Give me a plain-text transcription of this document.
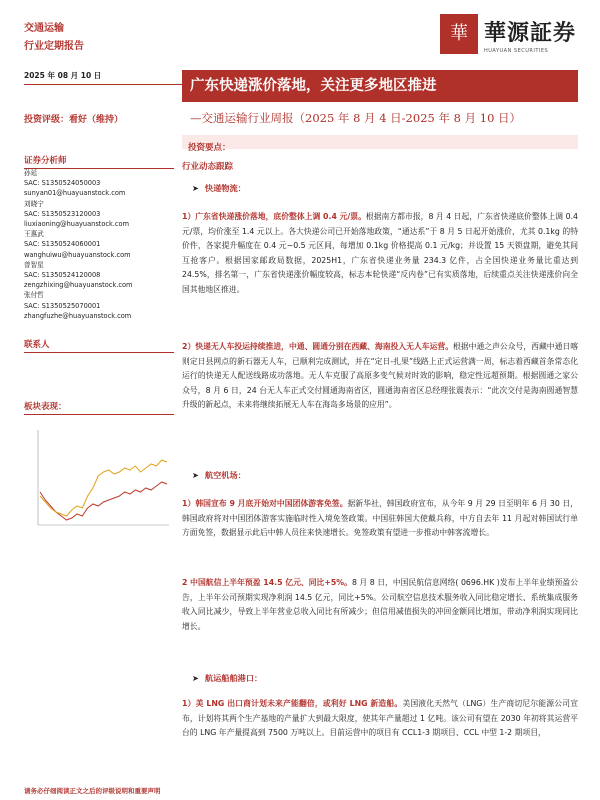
交通运输
行业定期报告
2025 年 08 月 10 日
華 華源証券
HUAYUAN SECURITIES
广东快递涨价落地，关注更多地区推进
—交通运输行业周报（2025 年 8 月 4 日-2025 年 8 月 10 日）
投资评级：看好（维持）
证券分析师
孙延
SAC: S1350524050003
sunyan01@huayuanstock.com
刘晓宁
SAC: S1350523120003
liuxiaoning@huayuanstock.com
王惠武
SAC: S1350524060001
wanghuiwu@huayuanstock.com
曾智星
SAC: S1350524120008
zengzhixing@huayuanstock.com
张付哲
SAC: S1350525070001
zhangfuzhe@huayuanstock.com
联系人
板块表现：
投资要点：
行业动态跟踪
➤ 快递物流：
1）广东省快递涨价落地，底价整体上调 0.4 元/票。根据南方都市报，8 月 4 日起，广东省快递底价整体上调 0.4 元/票，均价涨至 1.4 元以上。各大快递公司已开始落地政策，“通达系”于 8 月 5 日起开始涨价，尤其 0.1kg 的特价件，各家提升幅度在 0.4 元~0.5 元区间，每增加 0.1kg 价格提高 0.1 元/kg；并设置 15 天锁盘期，避免其间互抢客户。根据国家邮政局数据，2025H1，广东省快递业务量 234.3 亿件，占全国快递业务量比重达到 24.5%，排名第一，广东省快递涨价幅度较高，标志本轮快递“反内卷”已有实质落地，后续重点关注快递涨价向全国其他地区推进。
2）快递无人车投运持续推进，中通、圆通分别在西藏、海南投入无人车运营。根据中通之声公众号，西藏中通日喀则定日县网点的新石器无人车，已顺利完成测试，并在“定日-扎果”线路上正式运营满一周，标志着西藏首条常态化运行的快递无人配送线路成功落地。无人车克服了高原多变气候对时效的影响，稳定性远超预期。根据圆通之家公众号，8 月 6 日，24 台无人车正式交付圆通海南省区，圆通海南省区总经理张震表示：“此次交付是海南圆通智慧升级的新起点，未来将继续拓展无人车在海岛多场景的应用”。
➤ 航空机场：
1）韩国宣布 9 月底开始对中国团体游客免签。据新华社，韩国政府宣布，从今年 9 月 29 日至明年 6 月 30 日，韩国政府将对中国团体游客实施临时性入境免签政策。中国驻韩国大使戴兵称，中方自去年 11 月起对韩国试行单方面免签，数据显示此后中韩人员往来快速增长。免签政策有望进一步推动中韩客流增长。
2 中国航信上半年预盈 14.5 亿元、同比+5%。8 月 8 日，中国民航信息网络( 0696.HK )发布上半年业绩预盈公告，上半年公司预期实现净利润 14.5 亿元，同比+5%。公司航空信息技术服务收入同比稳定增长、系统集成服务收入同比减少，导致上半年营业总收入同比有所减少；但信用减值损失的冲回金额同比增加，带动净利润实现同比增长。
➤ 航运船舶港口：
1）美 LNG 出口商计划未来产能翻倍，或利好 LNG 新造船。美国液化天然气（LNG）生产商切尼尔能源公司宣布，计划将其两个生产基地的产量扩大到最大限度，使其年产量超过 1 亿吨。该公司有望在 2030 年初将其运营平台的 LNG 年产量提高到 7500 万吨以上。目前运营中的项目有 CCL1-3 期项目、CCL 中型 1-2 期项目，
请务必仔细阅读正文之后的评级说明和重要声明
